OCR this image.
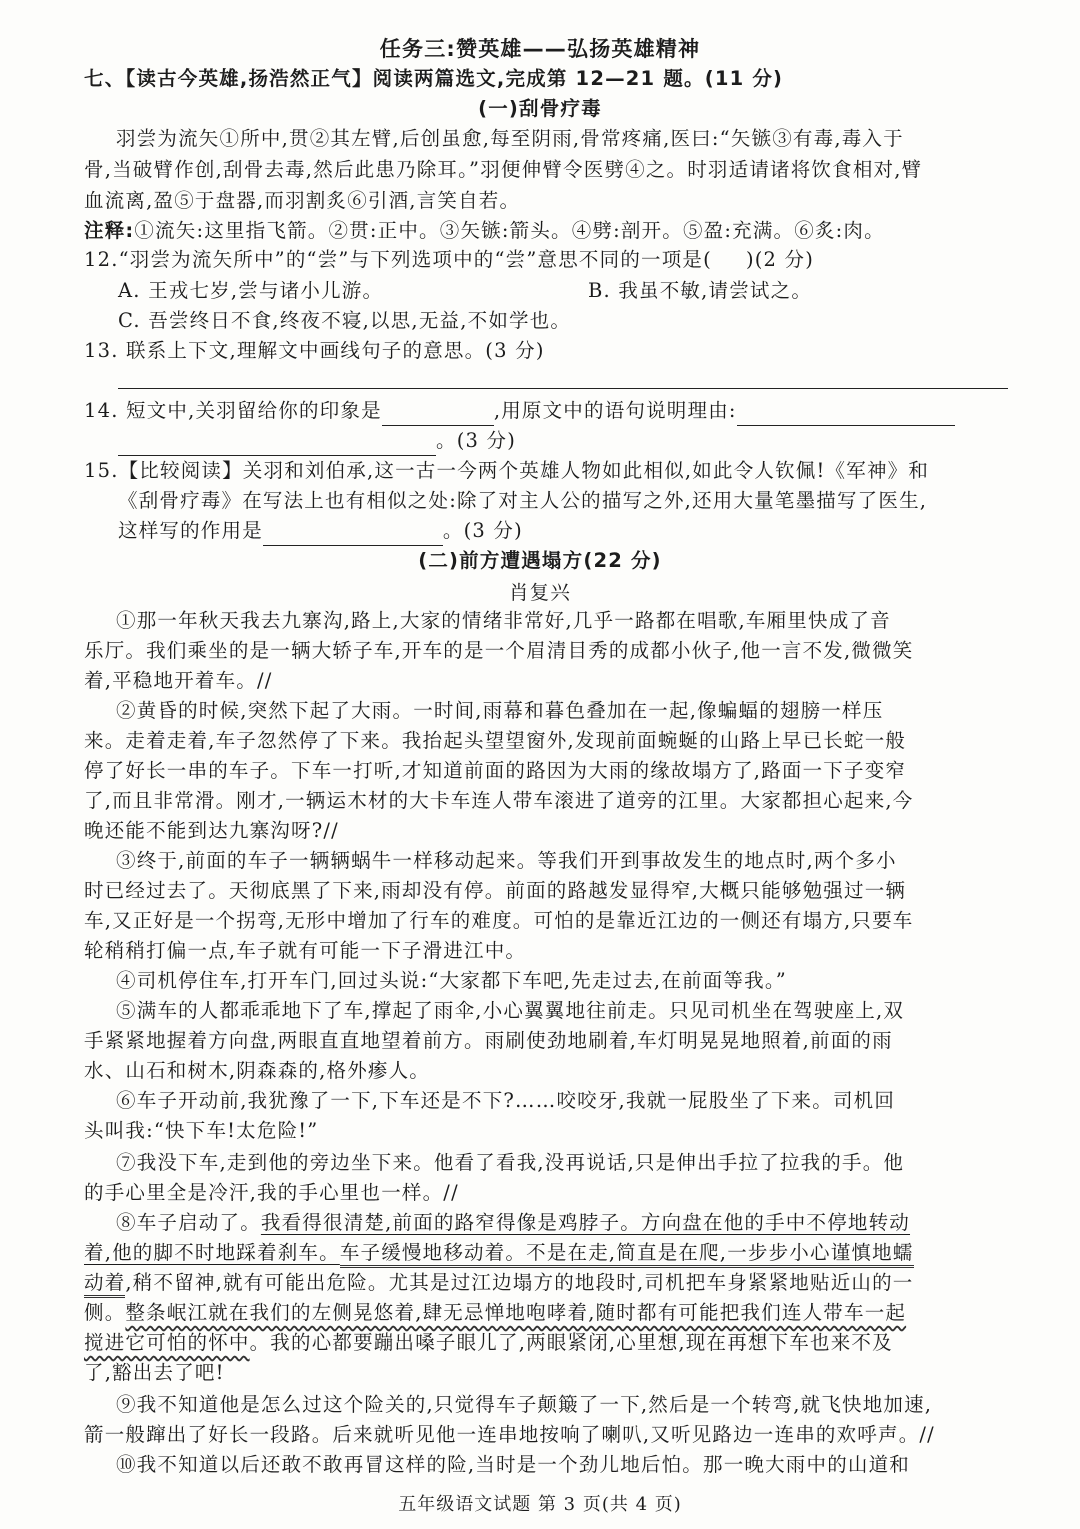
任务三:赞英雄——弘扬英雄精神
七、【读古今英雄,扬浩然正气】阅读两篇选文,完成第 12—21 题。(11 分)
(一)刮骨疗毒
羽尝为流矢①所中,贯②其左臂,后创虽愈,每至阴雨,骨常疼痛,医曰:“矢镞③有毒,毒入于
骨,当破臂作创,刮骨去毒,然后此患乃除耳。”羽便伸臂令医劈④之。时羽适请诸将饮食相对,臂
血流离,盈⑤于盘器,而羽割炙⑥引酒,言笑自若。
注释:①流矢:这里指飞箭。②贯:正中。③矢镞:箭头。④劈:剖开。⑤盈:充满。⑥炙:肉。
12.“羽尝为流矢所中”的“尝”与下列选项中的“尝”意思不同的一项是( )(2 分)
A. 王戎七岁,尝与诸小儿游。	B. 我虽不敏,请尝试之。
C. 吾尝终日不食,终夜不寝,以思,无益,不如学也。
13. 联系上下文,理解文中画线句子的意思。(3 分)
14. 短文中,关羽留给你的印象是	,用原文中的语句说明理由:
。(3 分)
15.【比较阅读】关羽和刘伯承,这一古一今两个英雄人物如此相似,如此令人钦佩!《军神》和
《刮骨疗毒》在写法上也有相似之处:除了对主人公的描写之外,还用大量笔墨描写了医生,
这样写的作用是	。(3 分)
(二)前方遭遇塌方(22 分)
肖复兴
①那一年秋天我去九寨沟,路上,大家的情绪非常好,几乎一路都在唱歌,车厢里快成了音
乐厅。我们乘坐的是一辆大轿子车,开车的是一个眉清目秀的成都小伙子,他一言不发,微微笑
着,平稳地开着车。//
②黄昏的时候,突然下起了大雨。一时间,雨幕和暮色叠加在一起,像蝙蝠的翅膀一样压
来。走着走着,车子忽然停了下来。我抬起头望望窗外,发现前面蜿蜒的山路上早已长蛇一般
停了好长一串的车子。下车一打听,才知道前面的路因为大雨的缘故塌方了,路面一下子变窄
了,而且非常滑。刚才,一辆运木材的大卡车连人带车滚进了道旁的江里。大家都担心起来,今
晚还能不能到达九寨沟呀?//
③终于,前面的车子一辆辆蜗牛一样移动起来。等我们开到事故发生的地点时,两个多小
时已经过去了。天彻底黑了下来,雨却没有停。前面的路越发显得窄,大概只能够勉强过一辆
车,又正好是一个拐弯,无形中增加了行车的难度。可怕的是靠近江边的一侧还有塌方,只要车
轮稍稍打偏一点,车子就有可能一下子滑进江中。
④司机停住车,打开车门,回过头说:“大家都下车吧,先走过去,在前面等我。”
⑤满车的人都乖乖地下了车,撑起了雨伞,小心翼翼地往前走。只见司机坐在驾驶座上,双
手紧紧地握着方向盘,两眼直直地望着前方。雨刷使劲地刷着,车灯明晃晃地照着,前面的雨
水、山石和树木,阴森森的,格外瘆人。
⑥车子开动前,我犹豫了一下,下车还是不下?……咬咬牙,我就一屁股坐了下来。司机回
头叫我:“快下车!太危险!”
⑦我没下车,走到他的旁边坐下来。他看了看我,没再说话,只是伸出手拉了拉我的手。他
的手心里全是冷汗,我的手心里也一样。//
⑧车子启动了。我看得很清楚,前面的路窄得像是鸡脖子。方向盘在他的手中不停地转动
着,他的脚不时地踩着刹车。车子缓慢地移动着。不是在走,简直是在爬,一步步小心谨慎地蠕
动着,稍不留神,就有可能出危险。尤其是过江边塌方的地段时,司机把车身紧紧地贴近山的一
侧。整条岷江就在我们的左侧晃悠着,肆无忌惮地咆哮着,随时都有可能把我们连人带车一起
搅进它可怕的怀中。我的心都要蹦出嗓子眼儿了,两眼紧闭,心里想,现在再想下车也来不及
了,豁出去了吧!
⑨我不知道他是怎么过这个险关的,只觉得车子颠簸了一下,然后是一个转弯,就飞快地加速,
箭一般蹿出了好长一段路。后来就听见他一连串地按响了喇叭,又听见路边一连串的欢呼声。//
⑩我不知道以后还敢不敢再冒这样的险,当时是一个劲儿地后怕。那一晚大雨中的山道和
五年级语文试题 第 3 页(共 4 页)
